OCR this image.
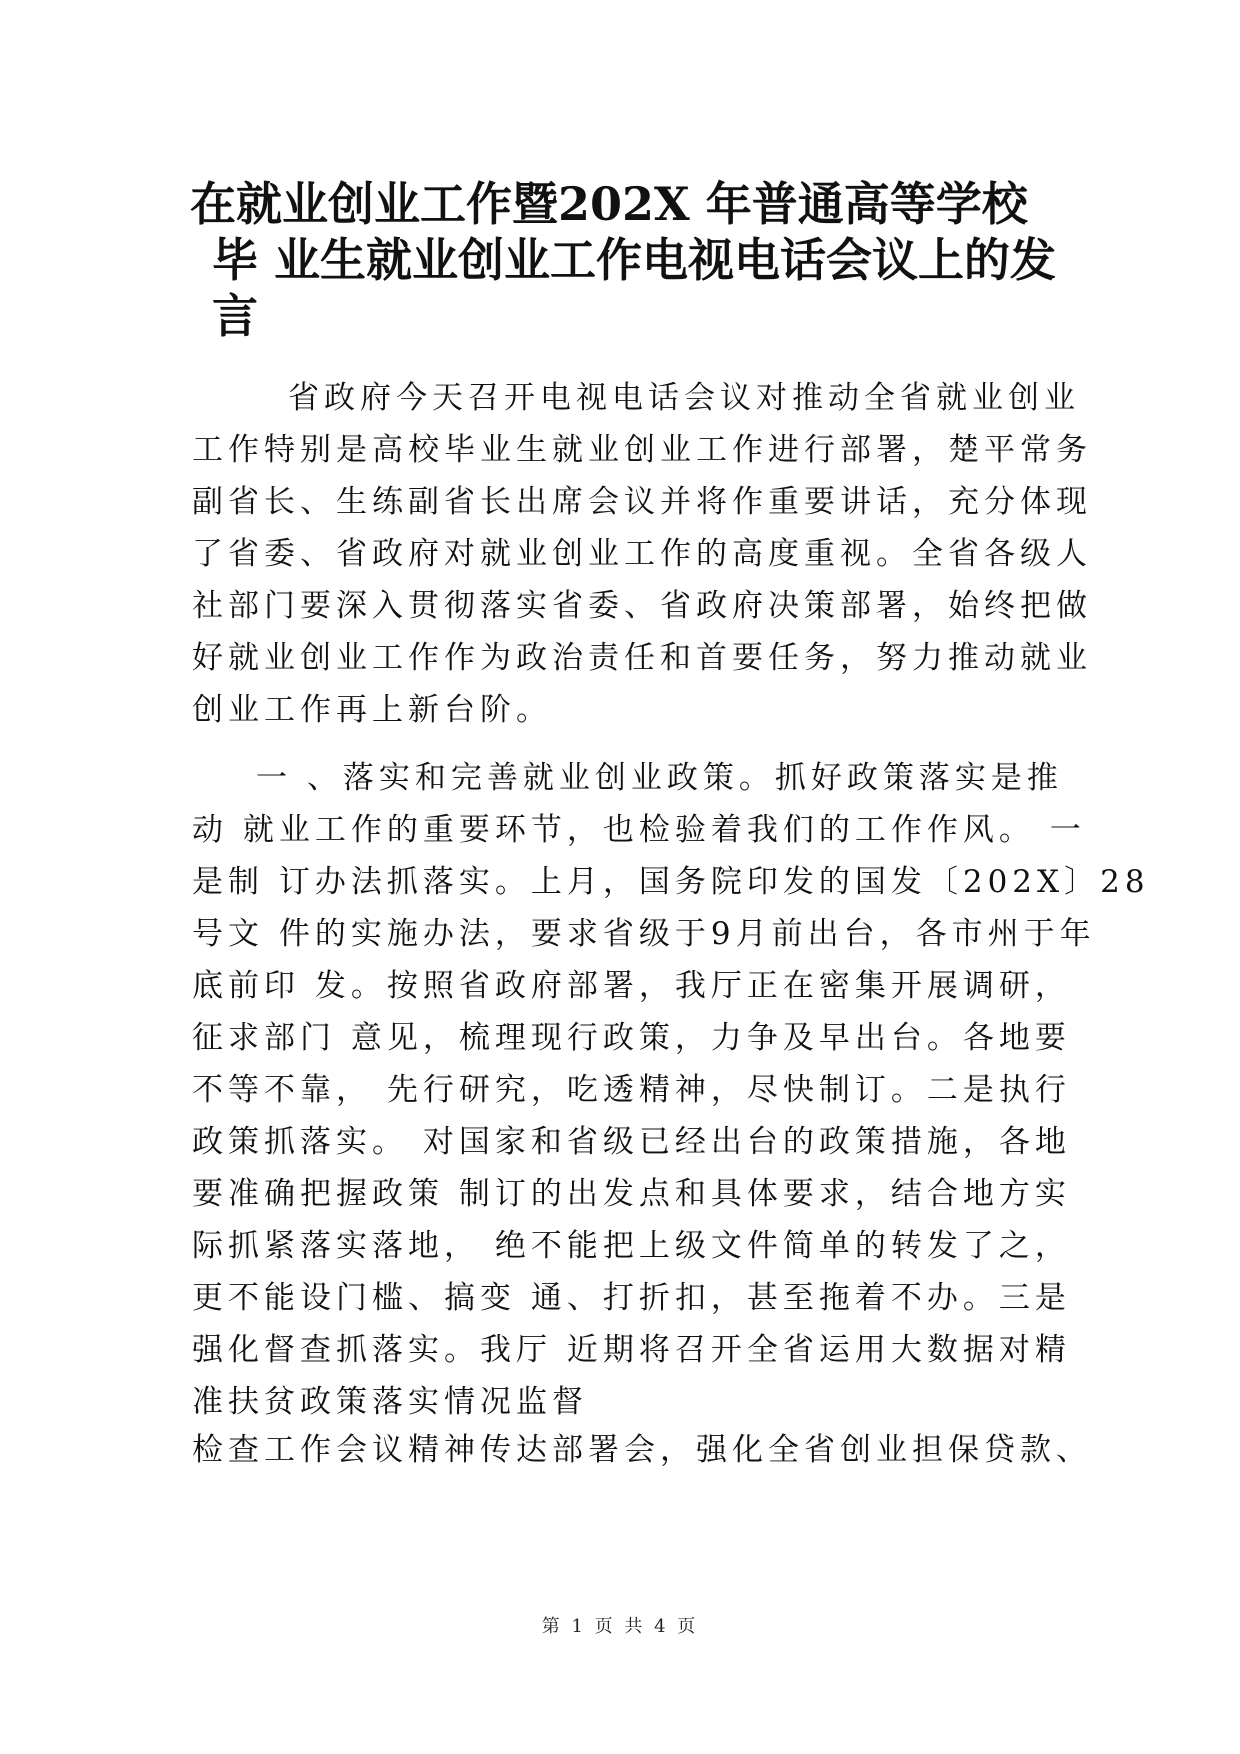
在就业创业工作暨202X 年普通高等学校
毕 业生就业创业工作电视电话会议上的发
言
省政府今天召开电视电话会议对推动全省就业创业
工作特别是高校毕业生就业创业工作进行部署，楚平常务
副省长、生练副省长出席会议并将作重要讲话，充分体现
了省委、省政府对就业创业工作的高度重视。全省各级人
社部门要深入贯彻落实省委、省政府决策部署，始终把做
好就业创业工作作为政治责任和首要任务，努力推动就业
创业工作再上新台阶。
一 、落实和完善就业创业政策。抓好政策落实是推
动 就业工作的重要环节，也检验着我们的工作作风。 一
是制 订办法抓落实。上月，国务院印发的国发〔202X〕28
号文 件的实施办法，要求省级于9月前出台，各市州于年
底前印 发。按照省政府部署，我厅正在密集开展调研，
征求部门 意见，梳理现行政策，力争及早出台。各地要
不等不靠， 先行研究，吃透精神，尽快制订。二是执行
政策抓落实。 对国家和省级已经出台的政策措施，各地
要准确把握政策 制订的出发点和具体要求，结合地方实
际抓紧落实落地， 绝不能把上级文件简单的转发了之，
更不能设门槛、搞变 通、打折扣，甚至拖着不办。三是
强化督查抓落实。我厅 近期将召开全省运用大数据对精
准扶贫政策落实情况监督
检查工作会议精神传达部署会，强化全省创业担保贷款、
第 1 页 共 4 页
